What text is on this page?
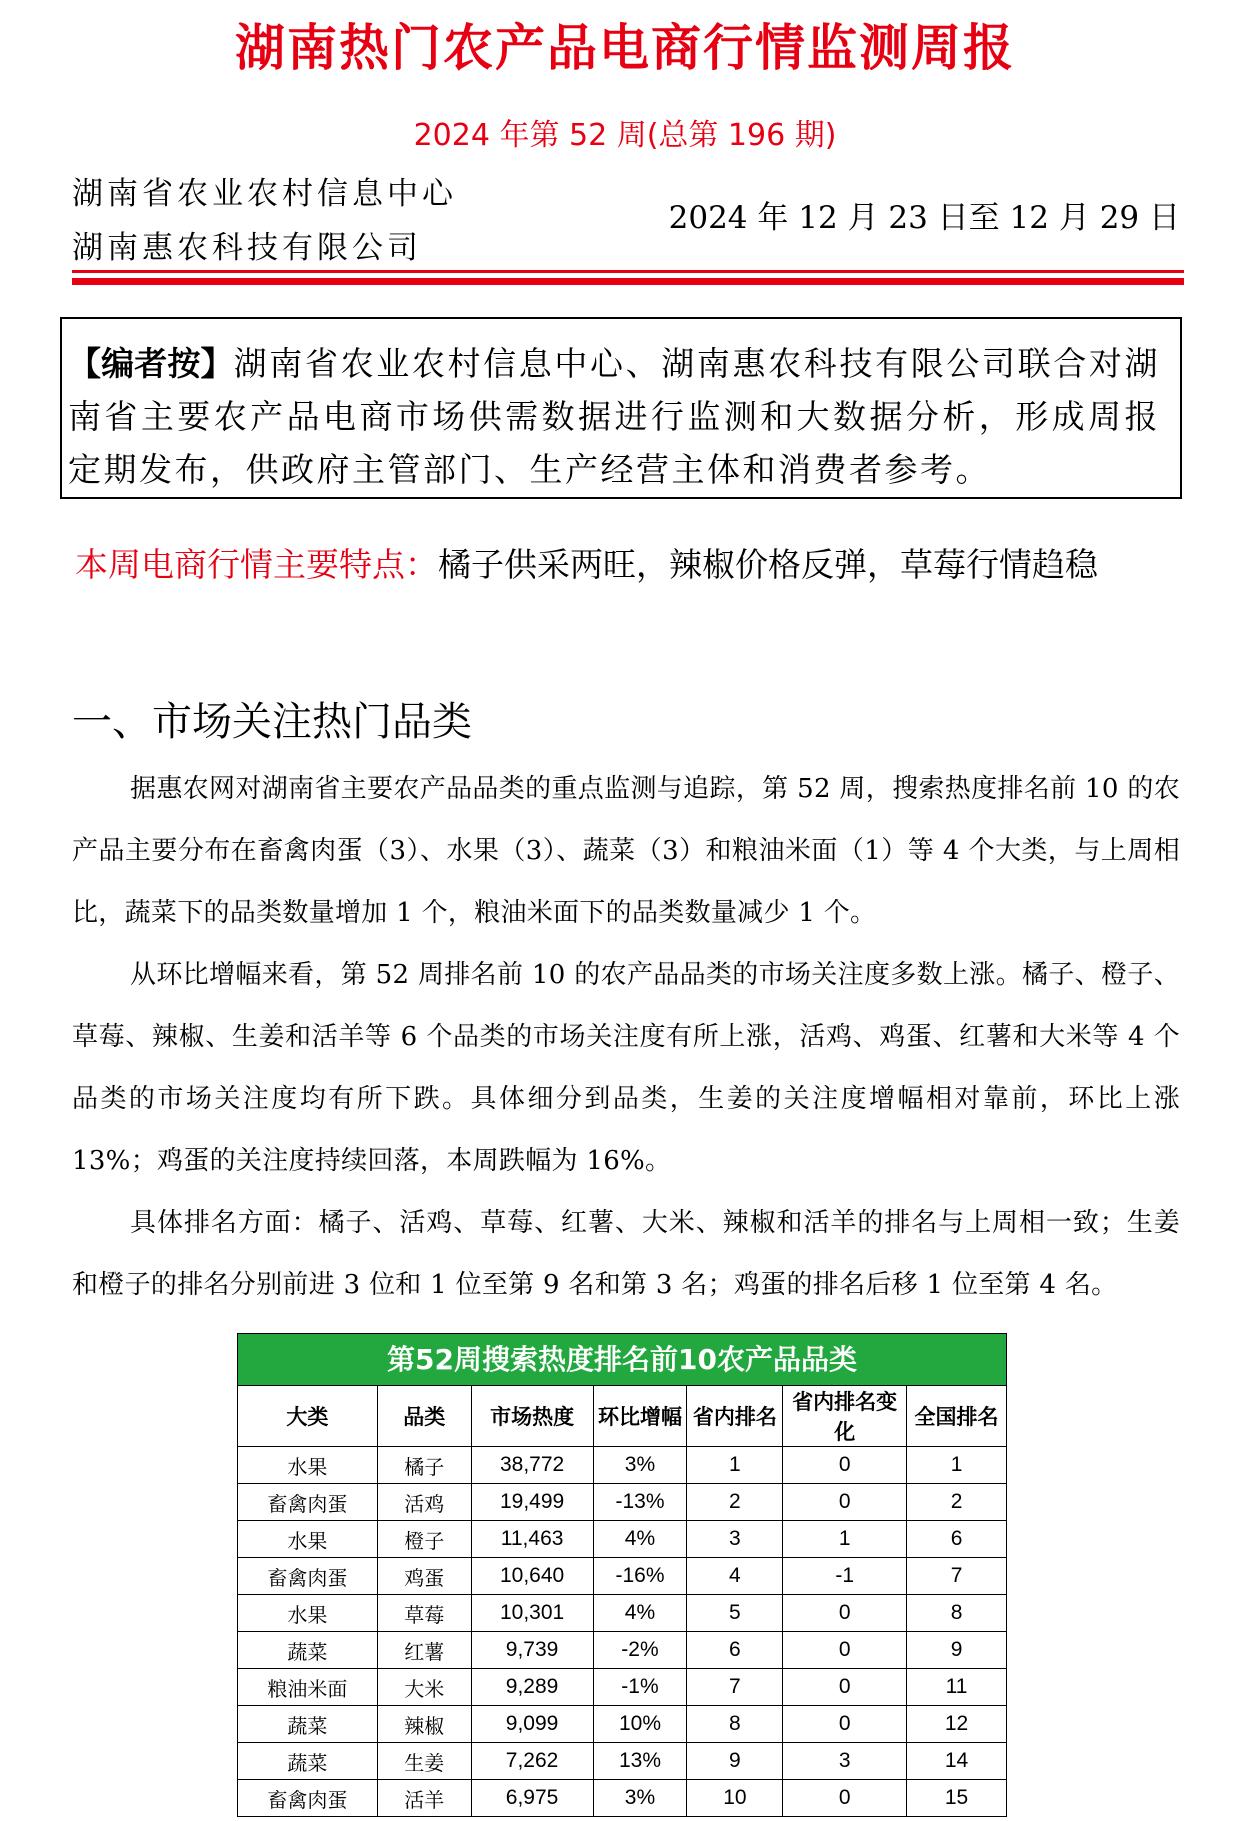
湖南热门农产品电商行情监测周报
2024 年第 52 周(总第 196 期)
湖南省农业农村信息中心
湖南惠农科技有限公司
2024 年 12 月 23 日至 12 月 29 日
【编者按】湖南省农业农村信息中心、湖南惠农科技有限公司联合对湖南省主要农产品电商市场供需数据进行监测和大数据分析，形成周报定期发布，供政府主管部门、生产经营主体和消费者参考。
本周电商行情主要特点：橘子供采两旺，辣椒价格反弹，草莓行情趋稳
一、市场关注热门品类

据惠农网对湖南省主要农产品品类的重点监测与追踪，第 52 周，搜索热度排名前 10 的农产品主要分布在畜禽肉蛋（3）、水果（3）、蔬菜（3）和粮油米面（1）等 4 个大类，与上周相比，蔬菜下的品类数量增加 1 个，粮油米面下的品类数量减少 1 个。

从环比增幅来看，第 52 周排名前 10 的农产品品类的市场关注度多数上涨。橘子、橙子、草莓、辣椒、生姜和活羊等 6 个品类的市场关注度有所上涨，活鸡、鸡蛋、红薯和大米等 4 个品类的市场关注度均有所下跌。具体细分到品类，生姜的关注度增幅相对靠前，环比上涨 13%；鸡蛋的关注度持续回落，本周跌幅为 16%。

具体排名方面：橘子、活鸡、草莓、红薯、大米、辣椒和活羊的排名与上周相一致；生姜和橙子的排名分别前进 3 位和 1 位至第 9 名和第 3 名；鸡蛋的排名后移 1 位至第 4 名。

第52周搜索热度排名前10农产品品类
大类	品类	市场热度	环比增幅	省内排名	省内排名变化	全国排名
水果	橘子	38,772	3%	1	0	1
畜禽肉蛋	活鸡	19,499	-13%	2	0	2
水果	橙子	11,463	4%	3	1	6
畜禽肉蛋	鸡蛋	10,640	-16%	4	-1	7
水果	草莓	10,301	4%	5	0	8
蔬菜	红薯	9,739	-2%	6	0	9
粮油米面	大米	9,289	-1%	7	0	11
蔬菜	辣椒	9,099	10%	8	0	12
蔬菜	生姜	7,262	13%	9	3	14
畜禽肉蛋	活羊	6,975	3%	10	0	15
